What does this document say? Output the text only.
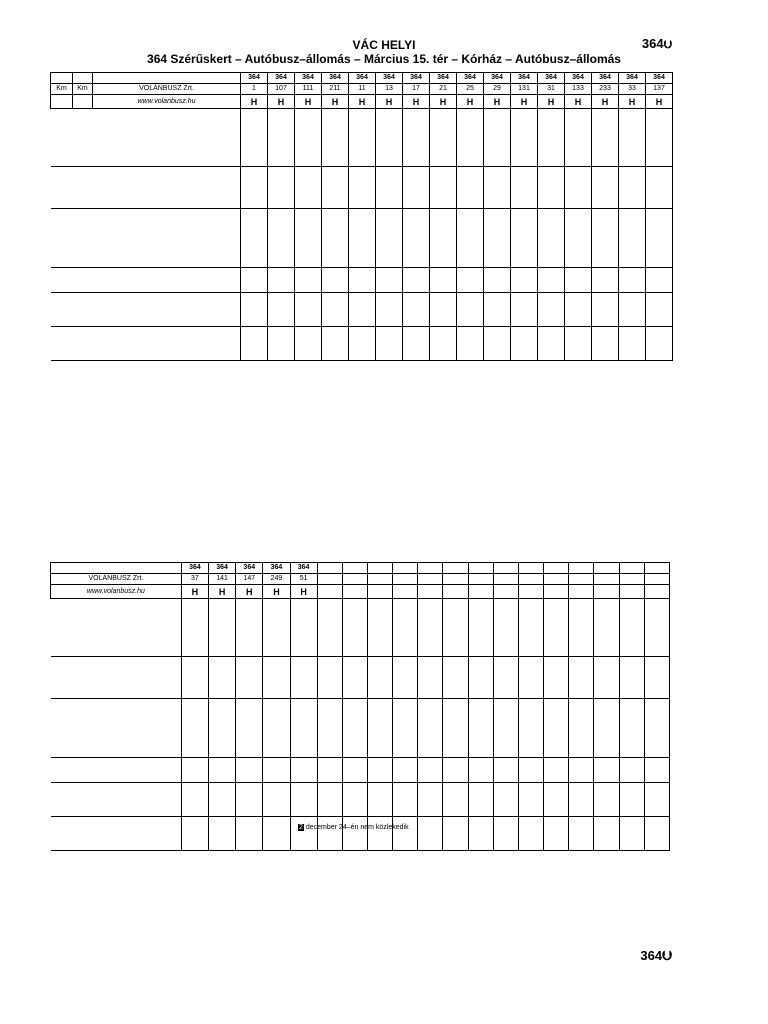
VÁC HELYI	364⮋
364 Szérűskert – Autóbusz–állomás – Március 15. tér – Kórház – Autóbusz–állomás
			364	364	364	364	364	364	364	364	364	364	364	364	364	364	364	364
Km	Km	VOLÁNBUSZ Zrt.	1	107	111	211	11	13	17	21	25	29	131	31	133	233	33	137
		www.volanbusz.hu	H	H	H	H	H	H	H	H	H	H	H	H	H	H	H	H

	364	364	364	364	364														
VOLÁNBUSZ Zrt.	37	141	147	249	51														
www.volanbusz.hu	H	H	H	H	H														

2 december 24–én nem közlekedik
364⮋
